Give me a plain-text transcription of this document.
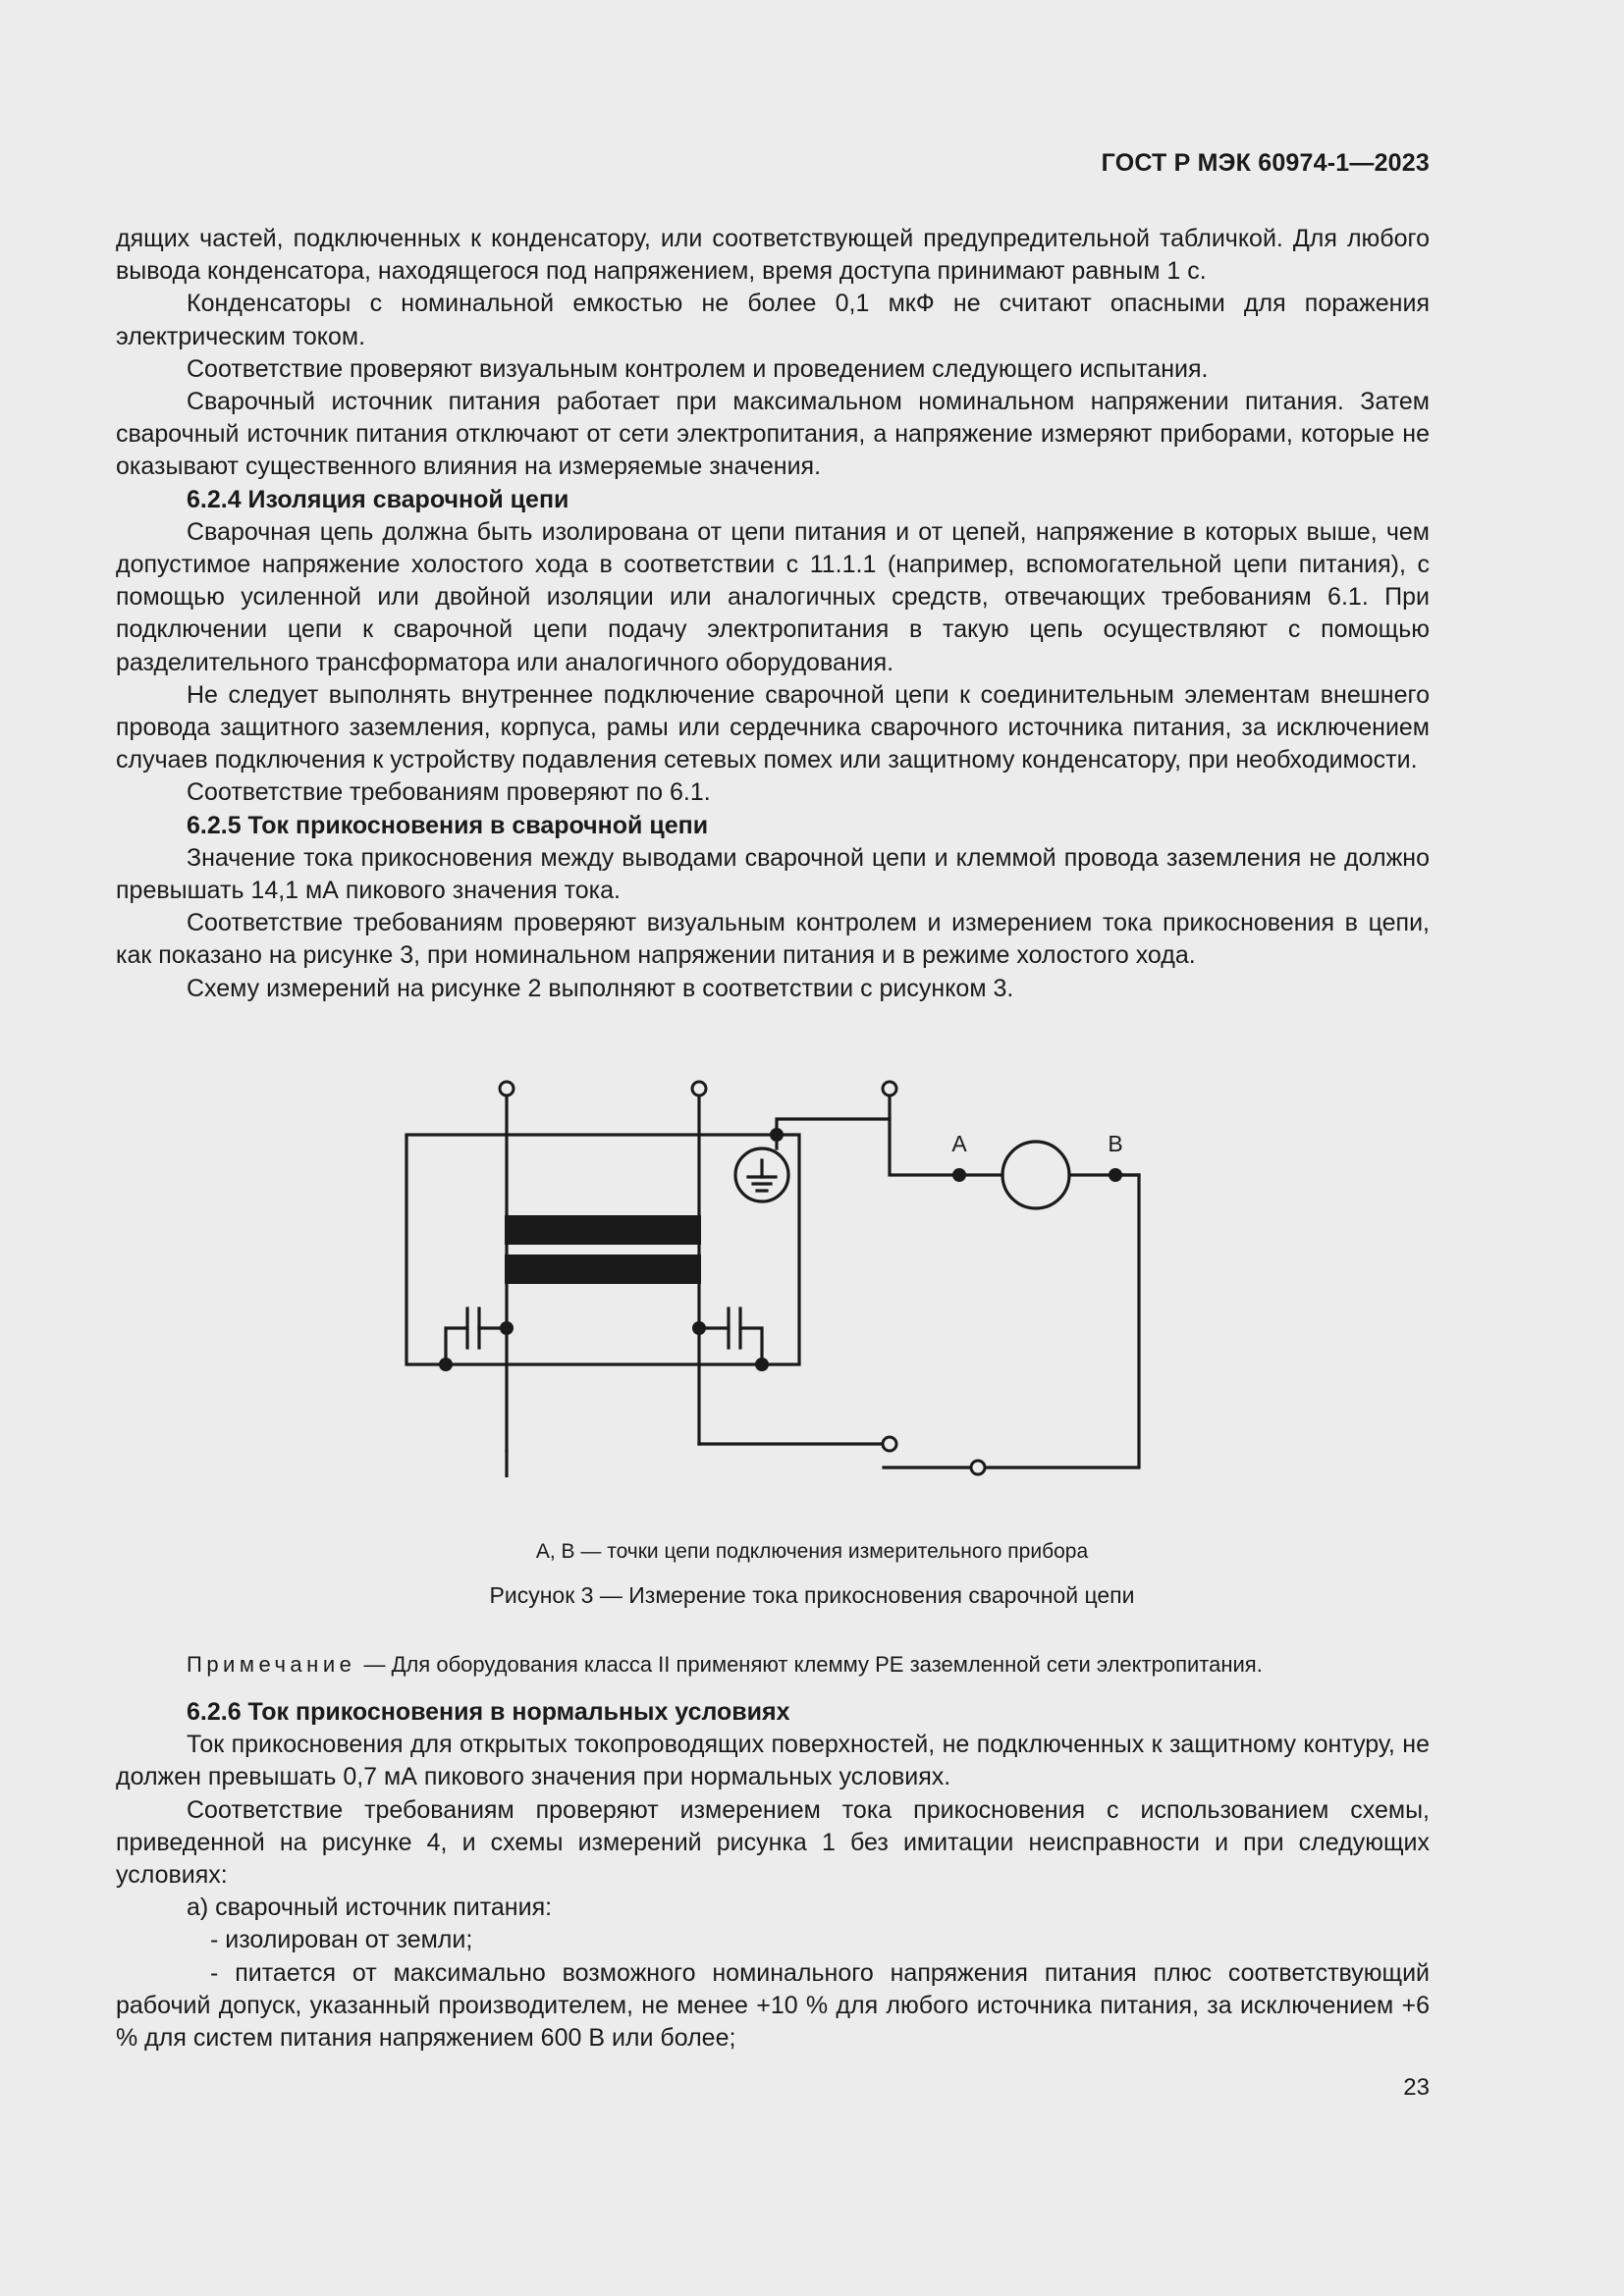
ГОСТ Р МЭК 60974-1—2023

дящих частей, подключенных к конденсатору, или соответствующей предупредительной табличкой. Для любого вывода конденсатора, находящегося под напряжением, время доступа принимают равным 1 с.

Конденсаторы с номинальной емкостью не более 0,1 мкФ не считают опасными для поражения электрическим током.

Соответствие проверяют визуальным контролем и проведением следующего испытания.

Сварочный источник питания работает при максимальном номинальном напряжении питания. Затем сварочный источник питания отключают от сети электропитания, а напряжение измеряют приборами, которые не оказывают существенного влияния на измеряемые значения.

6.2.4 Изоляция сварочной цепи

Сварочная цепь должна быть изолирована от цепи питания и от цепей, напряжение в которых выше, чем допустимое напряжение холостого хода в соответствии с 11.1.1 (например, вспомогательной цепи питания), с помощью усиленной или двойной изоляции или аналогичных средств, отвечающих требованиям 6.1. При подключении цепи к сварочной цепи подачу электропитания в такую цепь осуществляют с помощью разделительного трансформатора или аналогичного оборудования.

Не следует выполнять внутреннее подключение сварочной цепи к соединительным элементам внешнего провода защитного заземления, корпуса, рамы или сердечника сварочного источника питания, за исключением случаев подключения к устройству подавления сетевых помех или защитному конденсатору, при необходимости.

Соответствие требованиям проверяют по 6.1.

6.2.5 Ток прикосновения в сварочной цепи

Значение тока прикосновения между выводами сварочной цепи и клеммой провода заземления не должно превышать 14,1 мА пикового значения тока.

Соответствие требованиям проверяют визуальным контролем и измерением тока прикосновения в цепи, как показано на рисунке 3, при номинальном напряжении питания и в режиме холостого хода.

Схему измерений на рисунке 2 выполняют в соответствии с рисунком 3.

A	B
А, В — точки цепи подключения измерительного прибора
Рисунок 3 — Измерение тока прикосновения сварочной цепи
Примечание — Для оборудования класса II применяют клемму PE заземленной сети электропитания.

6.2.6 Ток прикосновения в нормальных условиях

Ток прикосновения для открытых токопроводящих поверхностей, не подключенных к защитному контуру, не должен превышать 0,7 мА пикового значения при нормальных условиях.

Соответствие требованиям проверяют измерением тока прикосновения с использованием схемы, приведенной на рисунке 4, и схемы измерений рисунка 1 без имитации неисправности и при следующих условиях:

а) сварочный источник питания:

- изолирован от земли;

- питается от максимально возможного номинального напряжения питания плюс соответствующий рабочий допуск, указанный производителем, не менее +10 % для любого источника питания, за исключением +6 % для систем питания напряжением 600 В или более;

23
